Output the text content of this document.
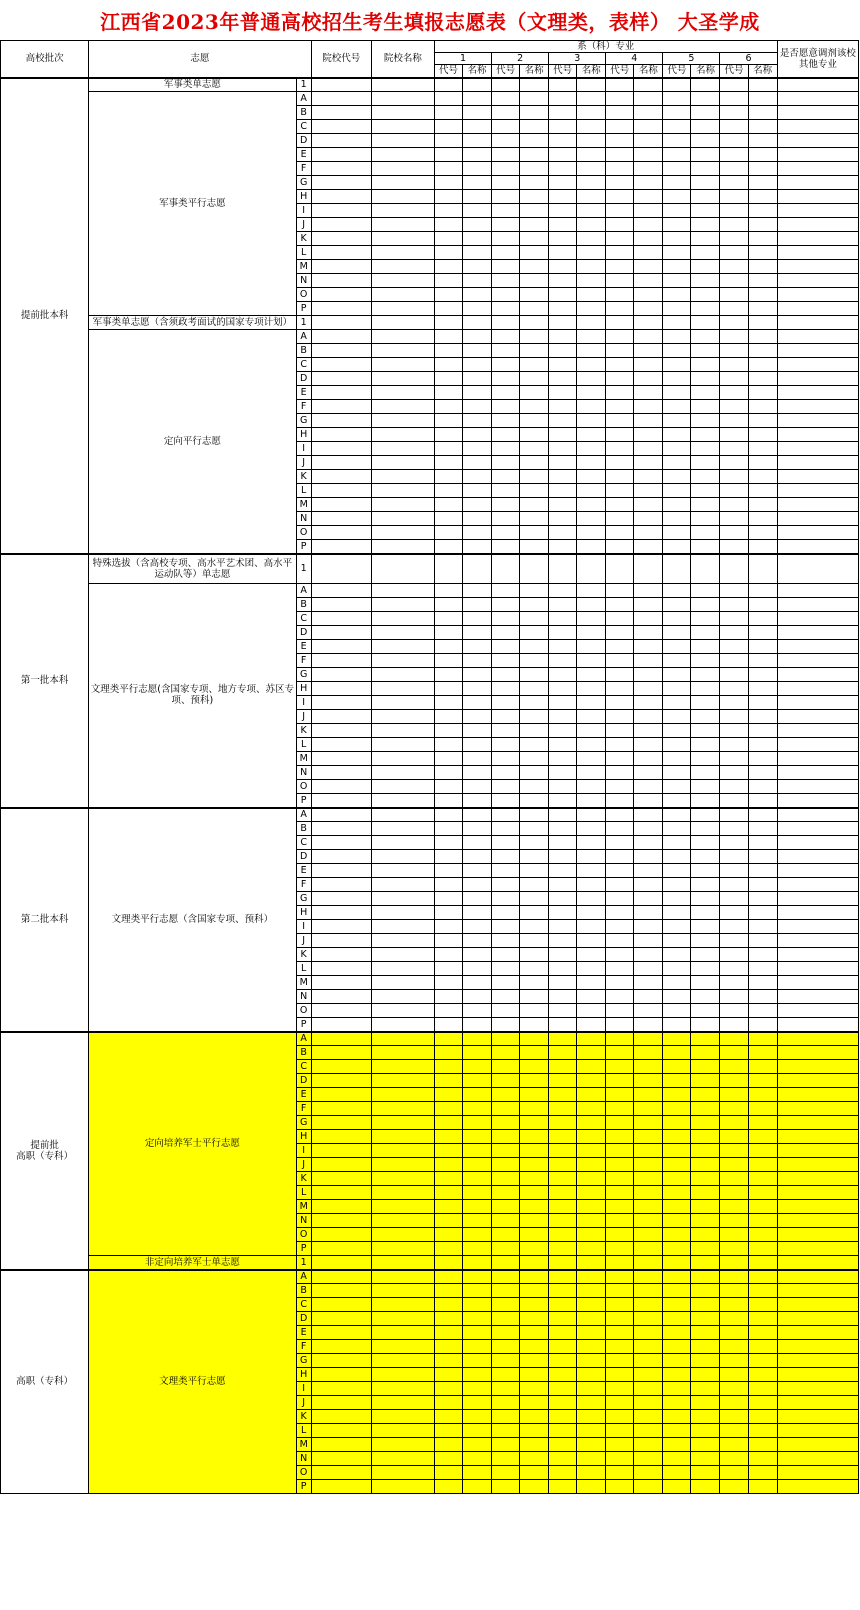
江西省2023年普通高校招生考生填报志愿表（文理类，表样） 大圣学成
高校批次	志愿		院校代号	院校名称	系（科）专业												是否愿意调剂该校其他专业
					1		2		3		4		5		6		
					代号	名称	代号	名称	代号	名称	代号	名称	代号	名称	代号	名称	
提前批本科	军事类单志愿	1															
	军事类平行志愿	A															
		B															
		C															
		D															
		E															
		F															
		G															
		H															
		I															
		J															
		K															
		L															
		M															
		N															
		O															
		P															
	军事类单志愿（含须政考面试的国家专项计划）	1															
	定向平行志愿	A															
		B															
		C															
		D															
		E															
		F															
		G															
		H															
		I															
		J															
		K															
		L															
		M															
		N															
		O															
		P															
第一批本科	特殊选拔（含高校专项、高水平艺术团、高水平运动队等）单志愿	1															
	文理类平行志愿(含国家专项、地方专项、苏区专项、预科)	A															
		B															
		C															
		D															
		E															
		F															
		G															
		H															
		I															
		J															
		K															
		L															
		M															
		N															
		O															
		P															
第二批本科	文理类平行志愿（含国家专项、预科）	A															
		B															
		C															
		D															
		E															
		F															
		G															
		H															
		I															
		J															
		K															
		L															
		M															
		N															
		O															
		P															
提前批
高职（专科）	定向培养军士平行志愿	A															
		B															
		C															
		D															
		E															
		F															
		G															
		H															
		I															
		J															
		K															
		L															
		M															
		N															
		O															
		P															
	非定向培养军士单志愿	1															
高职（专科）	文理类平行志愿	A															
		B															
		C															
		D															
		E															
		F															
		G															
		H															
		I															
		J															
		K															
		L															
		M															
		N															
		O															
		P															
